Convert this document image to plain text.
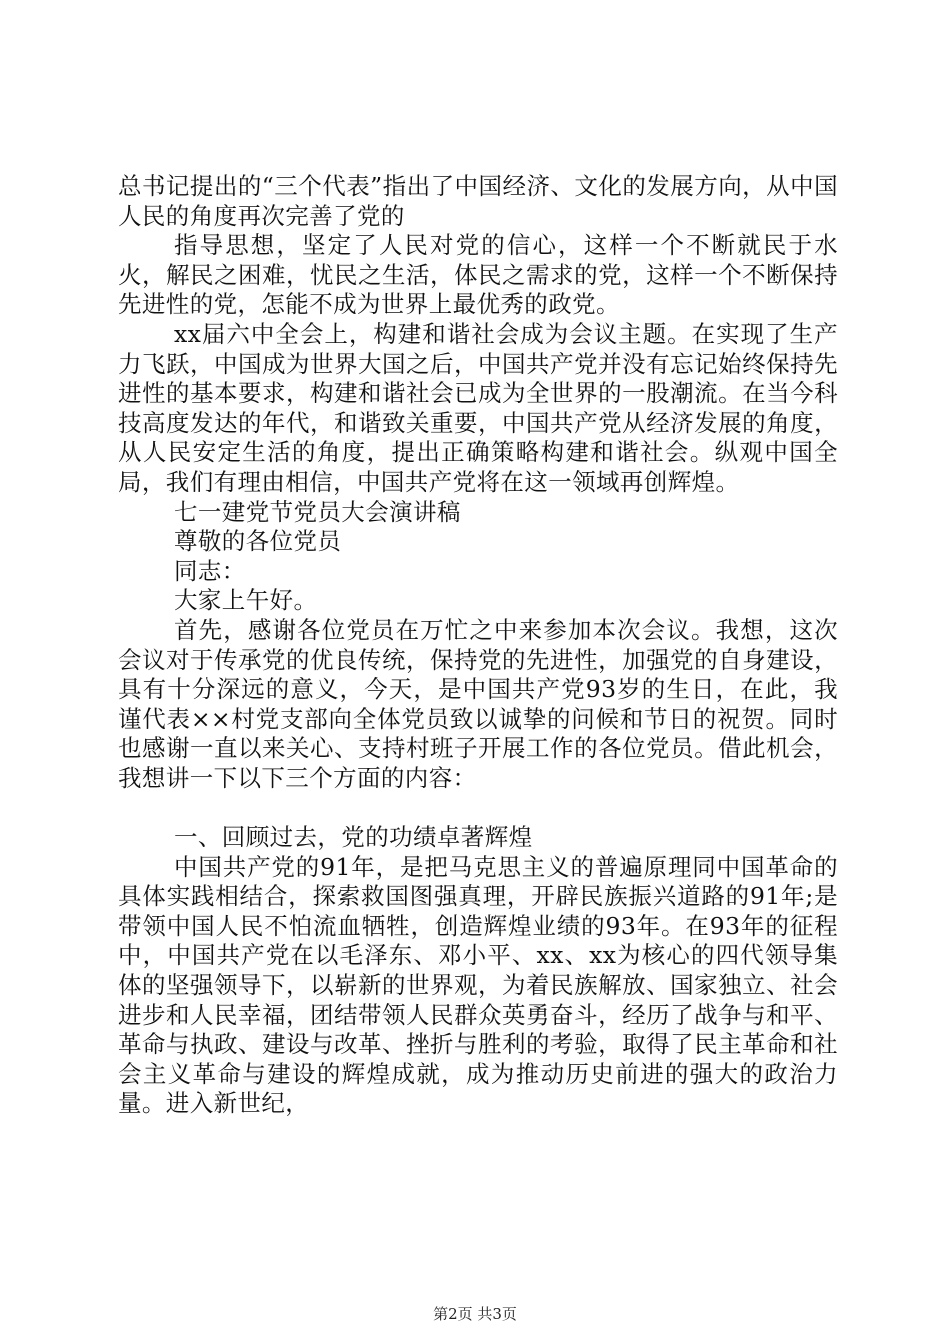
总书记提出的“三个代表”指出了中国经济、文化的发展方向，从中国人民的角度再次完善了党的

指导思想，坚定了人民对党的信心，这样一个不断就民于水火，解民之困难，忧民之生活，体民之需求的党，这样一个不断保持先进性的党，怎能不成为世界上最优秀的政党。

xx届六中全会上，构建和谐社会成为会议主题。在实现了生产力飞跃，中国成为世界大国之后，中国共产党并没有忘记始终保持先进性的基本要求，构建和谐社会已成为全世界的一股潮流。在当今科技高度发达的年代，和谐致关重要，中国共产党从经济发展的角度，从人民安定生活的角度，提出正确策略构建和谐社会。纵观中国全局，我们有理由相信，中国共产党将在这一领域再创辉煌。

七一建党节党员大会演讲稿

尊敬的各位党员

同志：

大家上午好。

首先，感谢各位党员在万忙之中来参加本次会议。我想，这次会议对于传承党的优良传统，保持党的先进性，加强党的自身建设，具有十分深远的意义，今天，是中国共产党93岁的生日，在此，我谨代表××村党支部向全体党员致以诚挚的问候和节日的祝贺。同时也感谢一直以来关心、支持村班子开展工作的各位党员。借此机会，我想讲一下以下三个方面的内容：

一、回顾过去，党的功绩卓著辉煌

中国共产党的91年，是把马克思主义的普遍原理同中国革命的具体实践相结合，探索救国图强真理，开辟民族振兴道路的91年;是带领中国人民不怕流血牺牲，创造辉煌业绩的93年。在93年的征程中，中国共产党在以毛泽东、邓小平、xx、xx为核心的四代领导集体的坚强领导下，以崭新的世界观，为着民族解放、国家独立、社会进步和人民幸福，团结带领人民群众英勇奋斗，经历了战争与和平、革命与执政、建设与改革、挫折与胜利的考验，取得了民主革命和社会主义革命与建设的辉煌成就，成为推动历史前进的强大的政治力量。进入新世纪，

第2页 共3页
